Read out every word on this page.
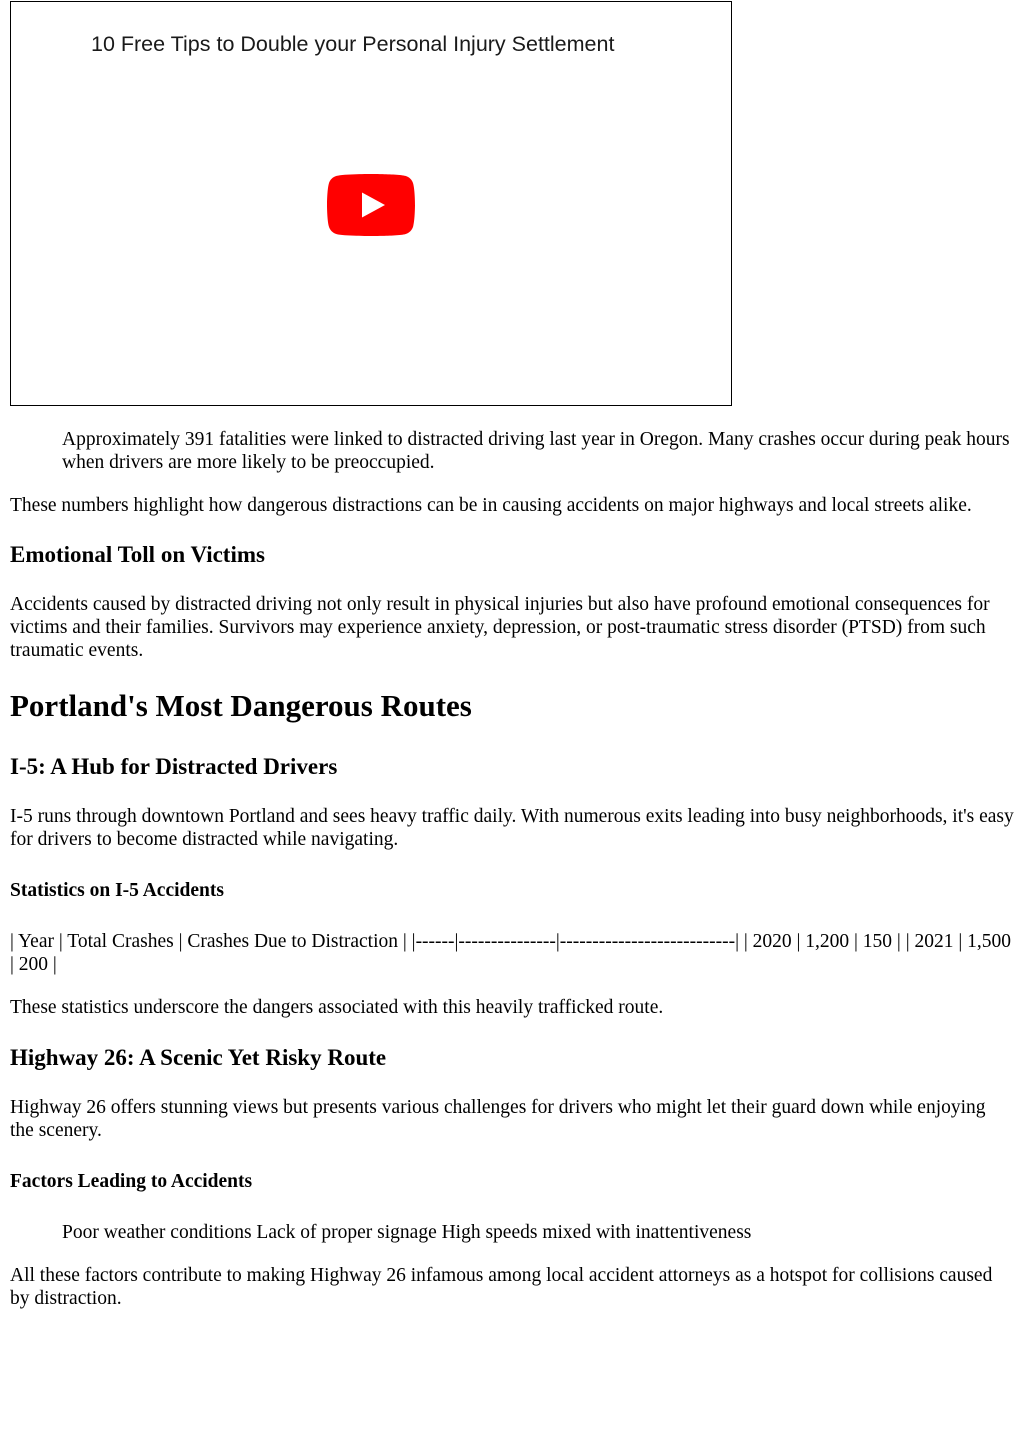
10 Free Tips to Double your Personal Injury Settlement
Approximately 391 fatalities were linked to distracted driving last year in Oregon. Many crashes occur during peak hours when drivers are more likely to be preoccupied.

These numbers highlight how dangerous distractions can be in causing accidents on major highways and local streets alike.

Emotional Toll on Victims

Accidents caused by distracted driving not only result in physical injuries but also have profound emotional consequences for victims and their families. Survivors may experience anxiety, depression, or post-traumatic stress disorder (PTSD) from such traumatic events.

Portland's Most Dangerous Routes
I-5: A Hub for Distracted Drivers

I-5 runs through downtown Portland and sees heavy traffic daily. With numerous exits leading into busy neighborhoods, it's easy for drivers to become distracted while navigating.

Statistics on I-5 Accidents

| Year | Total Crashes | Crashes Due to Distraction | |------|---------------|---------------------------| | 2020 | 1,200 | 150 | | 2021 | 1,500 | 200 |

These statistics underscore the dangers associated with this heavily trafficked route.

Highway 26: A Scenic Yet Risky Route

Highway 26 offers stunning views but presents various challenges for drivers who might let their guard down while enjoying the scenery.

Factors Leading to Accidents
Poor weather conditions Lack of proper signage High speeds mixed with inattentiveness

All these factors contribute to making Highway 26 infamous among local accident attorneys as a hotspot for collisions caused by distraction.
